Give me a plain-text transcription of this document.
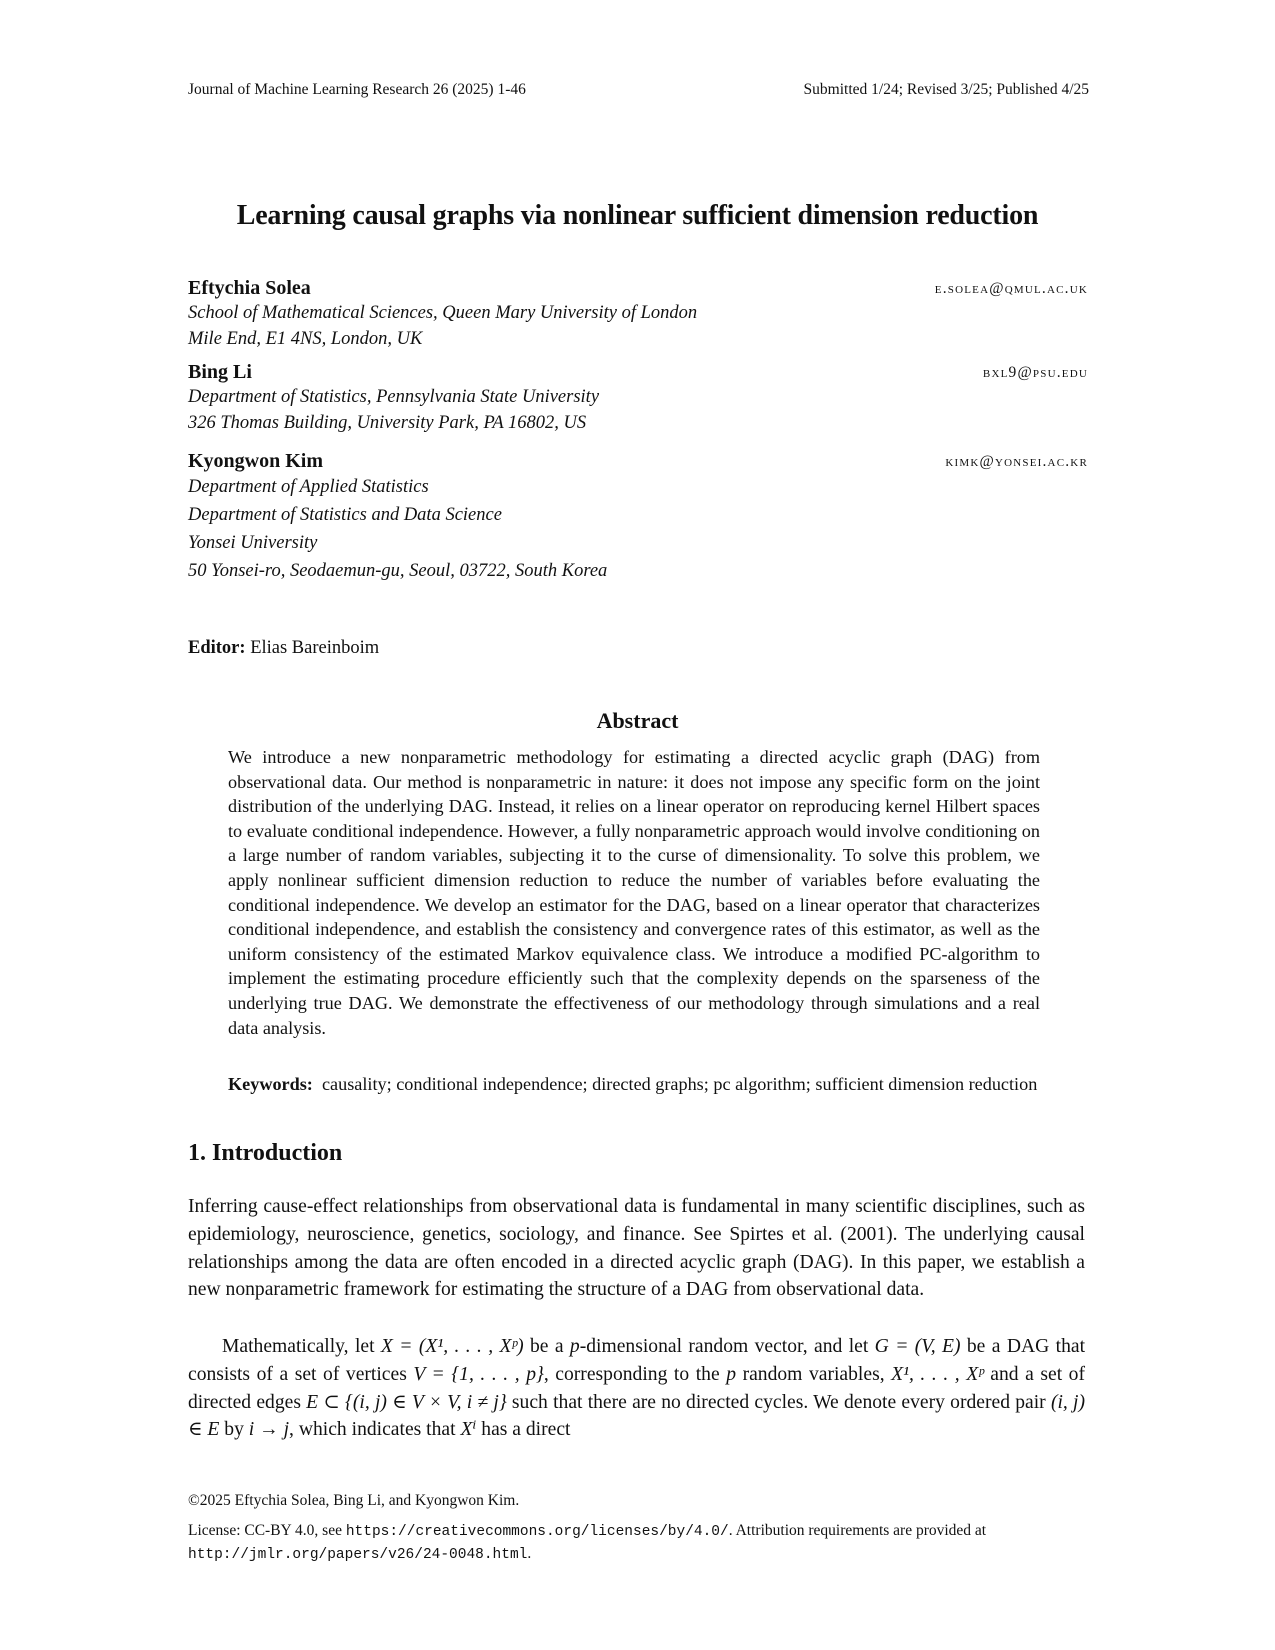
Journal of Machine Learning Research 26 (2025) 1-46	Submitted 1/24; Revised 3/25; Published 4/25
Learning causal graphs via nonlinear sufficient dimension reduction
Eftychia Solea	e.solea@qmul.ac.uk
School of Mathematical Sciences, Queen Mary University of London
Mile End, E1 4NS, London, UK
Bing Li	bxl9@psu.edu
Department of Statistics, Pennsylvania State University
326 Thomas Building, University Park, PA 16802, US
Kyongwon Kim	kimk@yonsei.ac.kr
Department of Applied Statistics
Department of Statistics and Data Science
Yonsei University
50 Yonsei-ro, Seodaemun-gu, Seoul, 03722, South Korea
Editor: Elias Bareinboim
Abstract
We introduce a new nonparametric methodology for estimating a directed acyclic graph (DAG) from observational data. Our method is nonparametric in nature: it does not impose any specific form on the joint distribution of the underlying DAG. Instead, it relies on a linear operator on reproducing kernel Hilbert spaces to evaluate conditional independence. However, a fully nonparametric approach would involve conditioning on a large number of random variables, subjecting it to the curse of dimensionality. To solve this problem, we apply nonlinear sufficient dimension reduction to reduce the number of variables before evaluating the conditional independence. We develop an estimator for the DAG, based on a linear operator that characterizes conditional independence, and establish the consistency and convergence rates of this estimator, as well as the uniform consistency of the estimated Markov equivalence class. We introduce a modified PC-algorithm to implement the estimating procedure efficiently such that the complexity depends on the sparseness of the underlying true DAG. We demonstrate the effectiveness of our methodology through simulations and a real data analysis.
Keywords: causality; conditional independence; directed graphs; pc algorithm; sufficient dimension reduction
1. Introduction
Inferring cause-effect relationships from observational data is fundamental in many scientific disciplines, such as epidemiology, neuroscience, genetics, sociology, and finance. See Spirtes et al. (2001). The underlying causal relationships among the data are often encoded in a directed acyclic graph (DAG). In this paper, we establish a new nonparametric framework for estimating the structure of a DAG from observational data.
Mathematically, let X = (X¹, . . . , Xᵖ) be a p-dimensional random vector, and let G = (V, E) be a DAG that consists of a set of vertices V = {1, . . . , p}, corresponding to the p random variables, X¹, . . . , Xᵖ and a set of directed edges E ⊂ {(i, j) ∈ V × V, i ≠ j} such that there are no directed cycles. We denote every ordered pair (i, j) ∈ E by i → j, which indicates that Xⁱ has a direct
©2025 Eftychia Solea, Bing Li, and Kyongwon Kim.
License: CC-BY 4.0, see https://creativecommons.org/licenses/by/4.0/. Attribution requirements are provided at
http://jmlr.org/papers/v26/24-0048.html.
